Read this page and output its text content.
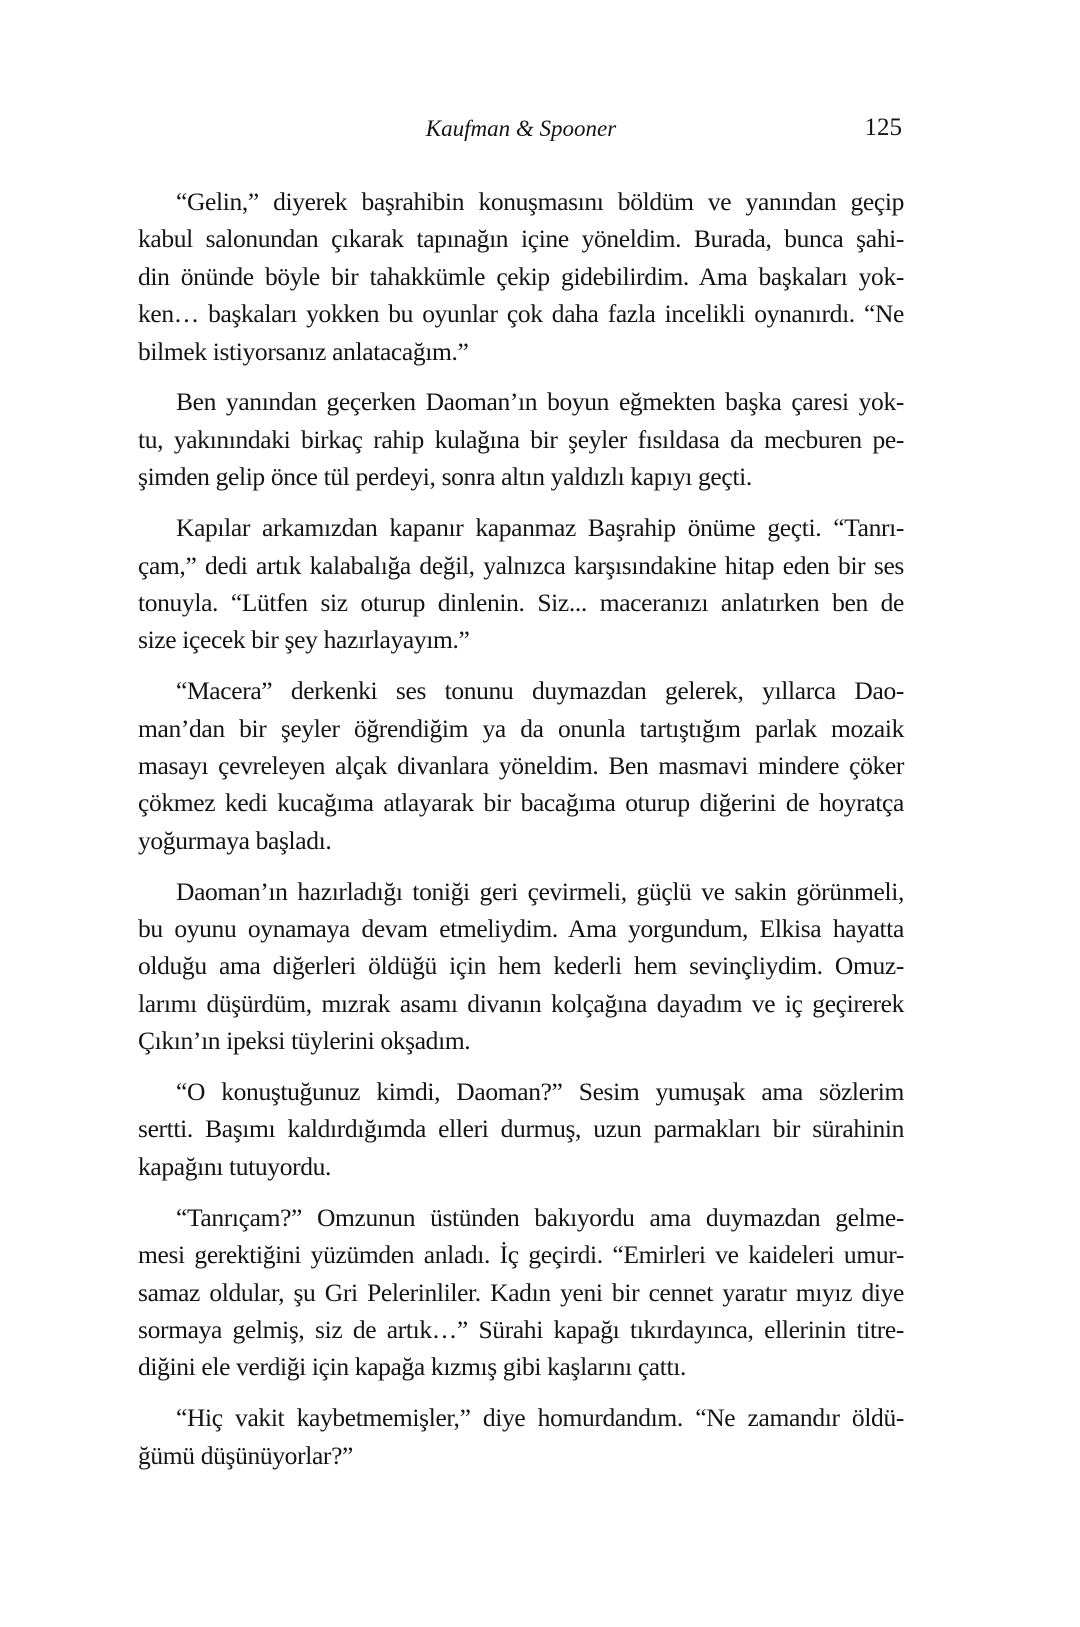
Kaufman & Spooner	125

“Gelin,” diyerek başrahibin konuşmasını böldüm ve yanından geçip
kabul salonundan çıkarak tapınağın içine yöneldim. Burada, bunca şahi-
din önünde böyle bir tahakkümle çekip gidebilirdim. Ama başkaları yok-
ken… başkaları yokken bu oyunlar çok daha fazla incelikli oynanırdı. “Ne
bilmek istiyorsanız anlatacağım.”

Ben yanından geçerken Daoman’ın boyun eğmekten başka çaresi yok-
tu, yakınındaki birkaç rahip kulağına bir şeyler fısıldasa da mecburen pe-
şimden gelip önce tül perdeyi, sonra altın yaldızlı kapıyı geçti.

Kapılar arkamızdan kapanır kapanmaz Başrahip önüme geçti. “Tanrı-
çam,” dedi artık kalabalığa değil, yalnızca karşısındakine hitap eden bir ses
tonuyla. “Lütfen siz oturup dinlenin. Siz... maceranızı anlatırken ben de
size içecek bir şey hazırlayayım.”

“Macera” derkenki ses tonunu duymazdan gelerek, yıllarca Dao-
man’dan bir şeyler öğrendiğim ya da onunla tartıştığım parlak mozaik
masayı çevreleyen alçak divanlara yöneldim. Ben masmavi mindere çöker
çökmez kedi kucağıma atlayarak bir bacağıma oturup diğerini de hoyratça
yoğurmaya başladı.

Daoman’ın hazırladığı toniği geri çevirmeli, güçlü ve sakin görünmeli,
bu oyunu oynamaya devam etmeliydim. Ama yorgundum, Elkisa hayatta
olduğu ama diğerleri öldüğü için hem kederli hem sevinçliydim. Omuz-
larımı düşürdüm, mızrak asamı divanın kolçağına dayadım ve iç geçirerek
Çıkın’ın ipeksi tüylerini okşadım.

“O konuştuğunuz kimdi, Daoman?” Sesim yumuşak ama sözlerim
sertti. Başımı kaldırdığımda elleri durmuş, uzun parmakları bir sürahinin
kapağını tutuyordu.

“Tanrıçam?” Omzunun üstünden bakıyordu ama duymazdan gelme-
mesi gerektiğini yüzümden anladı. İç geçirdi. “Emirleri ve kaideleri umur-
samaz oldular, şu Gri Pelerinliler. Kadın yeni bir cennet yaratır mıyız diye
sormaya gelmiş, siz de artık…” Sürahi kapağı tıkırdayınca, ellerinin titre-
diğini ele verdiği için kapağa kızmış gibi kaşlarını çattı.

“Hiç vakit kaybetmemişler,” diye homurdandım. “Ne zamandır öldü-
ğümü düşünüyorlar?”
